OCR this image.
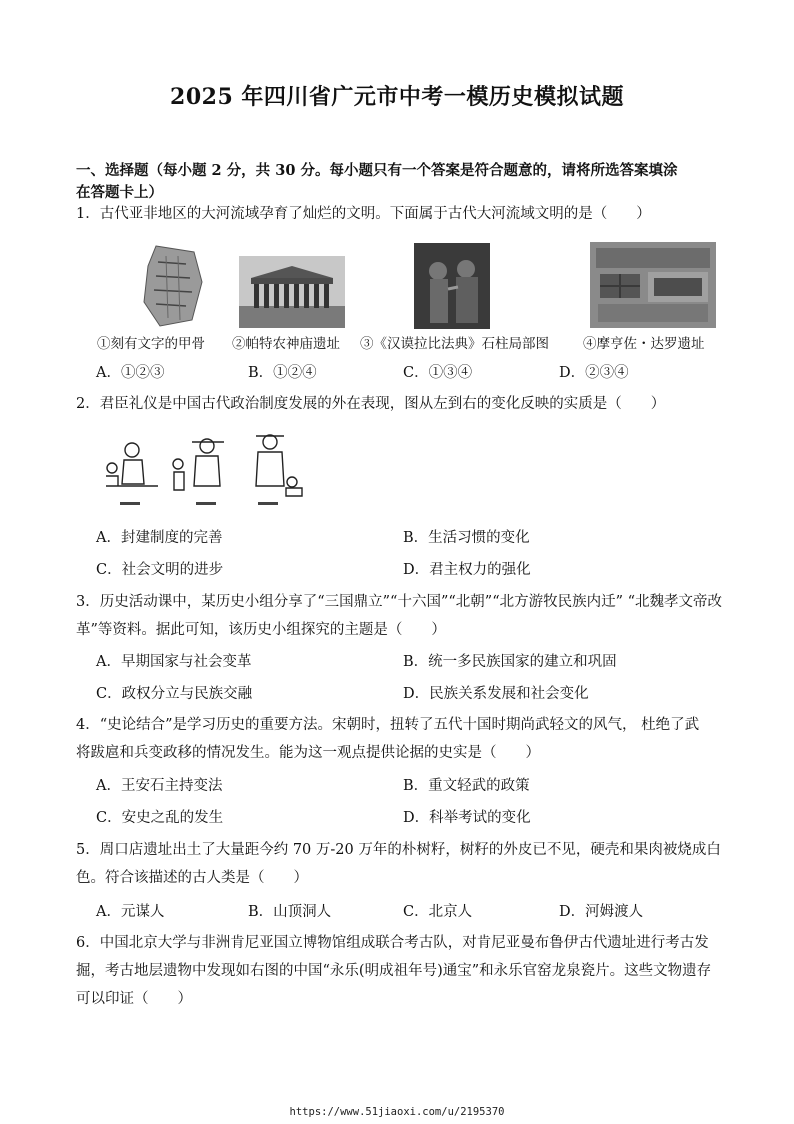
2025 年四川省广元市中考一模历史模拟试题
一、选择题（每小题 2 分，共 30 分。每小题只有一个答案是符合题意的，请将所选答案填涂
在答题卡上）
1．古代亚非地区的大河流域孕育了灿烂的文明。下面属于古代大河流域文明的是（　　）
①刻有文字的甲骨 ②帕特农神庙遗址 ③《汉谟拉比法典》石柱局部图	④摩亨佐・达罗遗址
A．①②③	B．①②④	C．①③④	D．②③④
2．君臣礼仪是中国古代政治制度发展的外在表现，图从左到右的变化反映的实质是（　　）
A．封建制度的完善	B．生活习惯的变化
C．社会文明的进步	D．君主权力的强化
3．历史活动课中，某历史小组分享了“三国鼎立”“十六国”“北朝”“北方游牧民族内迁” “北魏孝文帝改
革”等资料。据此可知，该历史小组探究的主题是（　　）
A．早期国家与社会变革	B．统一多民族国家的建立和巩固
C．政权分立与民族交融	D．民族关系发展和社会变化
4．“史论结合”是学习历史的重要方法。宋朝时，扭转了五代十国时期尚武轻文的风气， 杜绝了武
将跋扈和兵变政移的情况发生。能为这一观点提供论据的史实是（　　）
A．王安石主持变法	B．重文轻武的政策
C．安史之乱的发生	D．科举考试的变化
5．周口店遗址出土了大量距今约 70 万-20 万年的朴树籽，树籽的外皮已不见，硬壳和果肉被烧成白
色。符合该描述的古人类是（　　）
A．元谋人	B．山顶洞人	C．北京人	D．河姆渡人
6．中国北京大学与非洲肯尼亚国立博物馆组成联合考古队，对肯尼亚曼布鲁伊古代遗址进行考古发
掘，考古地层遗物中发现如右图的中国“永乐(明成祖年号)通宝”和永乐官窑龙泉瓷片。这些文物遗存
可以印证（　　）
https://www.51jiaoxi.com/u/2195370
